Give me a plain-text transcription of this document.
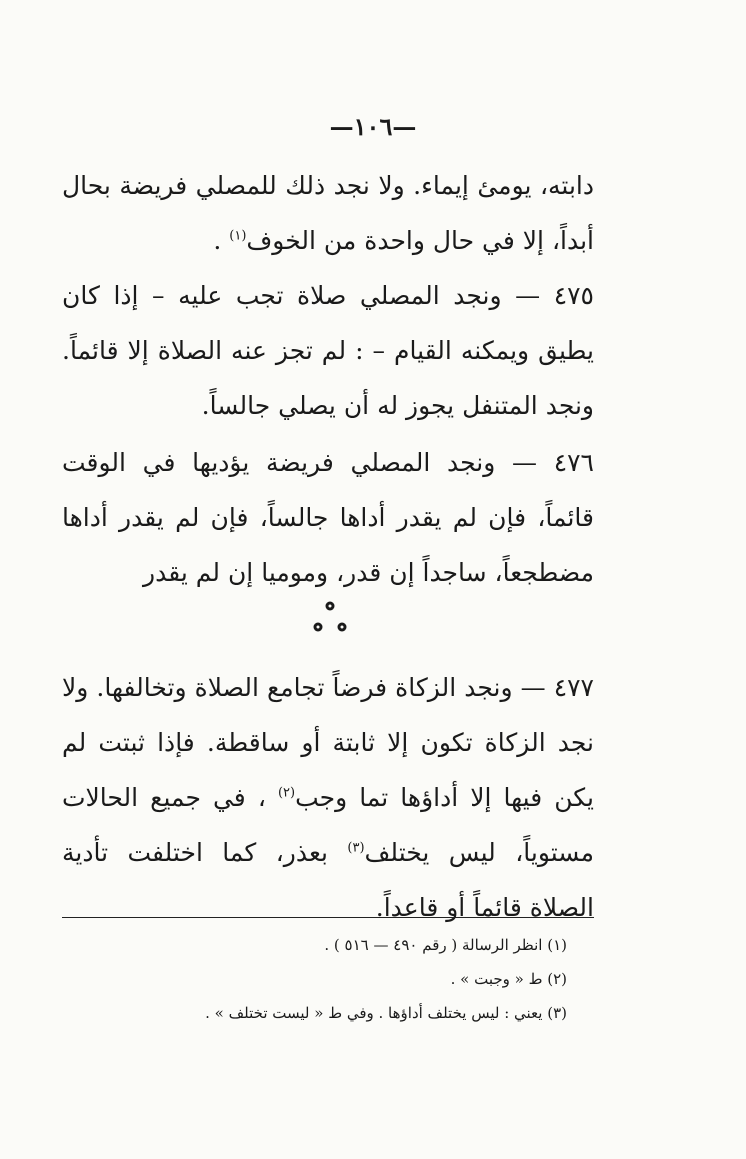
—١٠٦—
دابته، يومئ إيماء. ولا نجد ذلك للمصلي فريضة بحال أبداً، إلا في حال واحدة من الخوف$^{(١)}$ .
٤٧٥ — ونجد المصلي صلاة تجب عليه – إذا كان يطيق ويمكنه القيام – : لم تجز عنه الصلاة إلا قائماً. ونجد المتنفل يجوز له أن يصلي جالساً.
٤٧٦ — ونجد المصلي فريضة يؤديها في الوقت قائماً، فإن لم يقدر أداها جالساً، فإن لم يقدر أداها مضطجعاً، ساجداً إن قدر، وموميا إن لم يقدر
٤٧٧ — ونجد الزكاة فرضاً تجامع الصلاة وتخالفها. ولا نجد الزكاة تكون إلا ثابتة أو ساقطة. فإذا ثبتت لم يكن فيها إلا أداؤها تما وجب$^{(٢)}$ ، في جميع الحالات مستوياً، ليس يختلف$^{(٣)}$ بعذر، كما اختلفت تأدية الصلاة قائماً أو قاعداً.
(١) انظر الرسالة ( رقم ٤٩٠ — ٥١٦ ) .
(٢) ط « وجبت » .
(٣) يعني : ليس يختلف أداؤها . وفي ط « ليست تختلف » .
